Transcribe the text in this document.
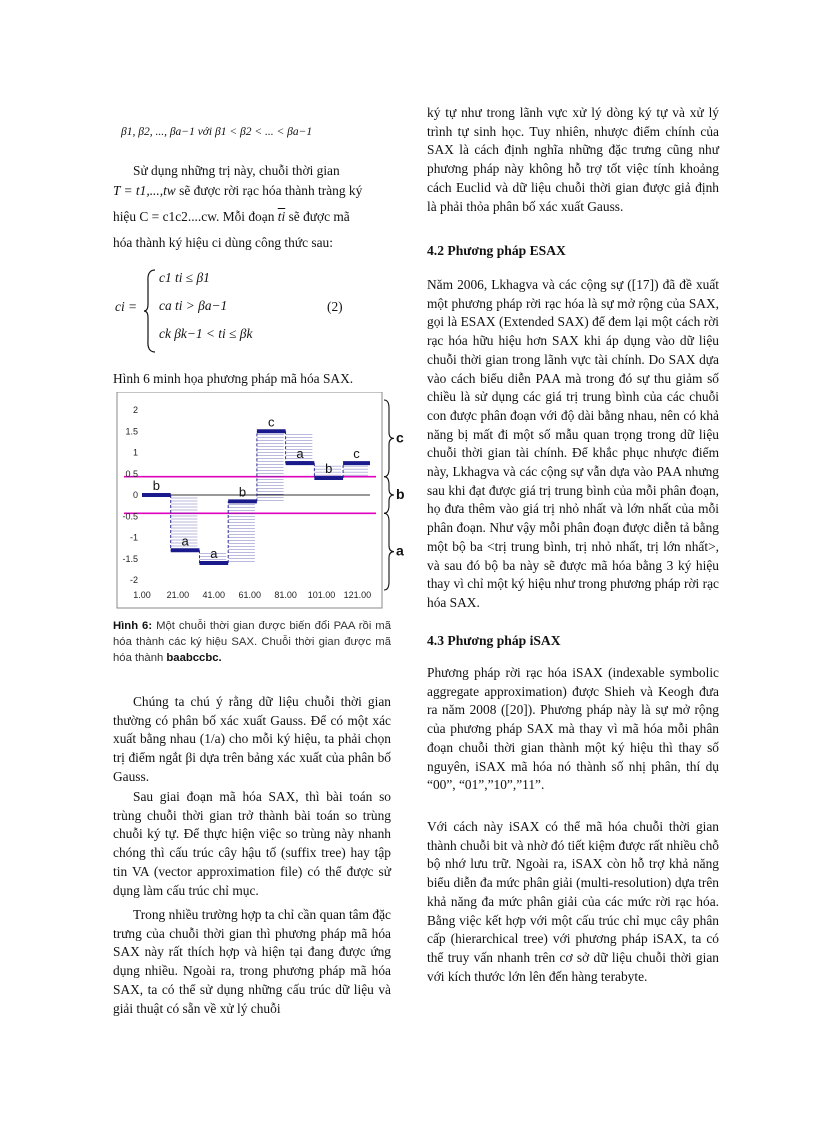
β1, β2, ..., βa−1 với β1 < β2 < ... < βa−1
Sử dụng những trị này, chuỗi thời gian
T = t1,...,tw sẽ được rời rạc hóa thành tràng ký
hiệu C = c1c2....cw. Mỗi đoạn $\overline{ti}$ sẽ được mã
hóa thành ký hiệu ci dùng công thức sau:
ci =
c1 ti ≤ β1
ca ti > βa−1
ck βk−1 < ti ≤ βk
(2)
Hình 6 minh họa phương pháp mã hóa SAX.
b
a
a
b
c
a
b
c
2
1.5
1
0.5
0
-0.5
-1
-1.5
-2
1.00 21.00 41.00 61.00 81.00 101.00 121.00
c
b
a
Hình 6: Một chuỗi thời gian được biến đổi PAA rồi mã hóa thành các ký hiệu SAX. Chuỗi thời gian được mã hóa thành baabccbc.
Chúng ta chú ý rằng dữ liệu chuỗi thời gian thường có phân bố xác xuất Gauss. Để có một xác xuất bằng nhau (1/a) cho mỗi ký hiệu, ta phải chọn trị điểm ngắt βi dựa trên bảng xác xuất của phân bố Gauss.
Sau giai đoạn mã hóa SAX, thì bài toán so trùng chuỗi thời gian trở thành bài toán so trùng chuỗi ký tự. Để thực hiện việc so trùng này nhanh chóng thì cấu trúc cây hậu tố (suffix tree) hay tập tin VA (vector approximation file) có thể được sử dụng làm cấu trúc chỉ mục.
Trong nhiều trường hợp ta chỉ cần quan tâm đặc trưng của chuỗi thời gian thì phương pháp mã hóa SAX này rất thích hợp và hiện tại đang được ứng dụng nhiều. Ngoài ra, trong phương pháp mã hóa SAX, ta có thể sử dụng những cấu trúc dữ liệu và giải thuật có sẵn về xử lý chuỗi
ký tự như trong lãnh vực xử lý dòng ký tự và xử lý trình tự sinh học. Tuy nhiên, nhược điểm chính của SAX là cách định nghĩa những đặc trưng cũng như phương pháp này không hỗ trợ tốt việc tính khoảng cách Euclid và dữ liệu chuỗi thời gian được giả định là phải thỏa phân bố xác xuất Gauss.
4.2 Phương pháp ESAX
Năm 2006, Lkhagva và các cộng sự ([17]) đã đề xuất một phương pháp rời rạc hóa là sự mở rộng của SAX, gọi là ESAX (Extended SAX) để đem lại một cách rời rạc hóa hữu hiệu hơn SAX khi áp dụng vào dữ liệu chuỗi thời gian trong lãnh vực tài chính. Do SAX dựa vào cách biểu diễn PAA mà trong đó sự thu giảm số chiều là sử dụng các giá trị trung bình của các chuỗi con được phân đoạn với độ dài bằng nhau, nên có khả năng bị mất đi một số mẫu quan trọng trong dữ liệu chuỗi thời gian tài chính. Để khắc phục nhược điểm này, Lkhagva và các cộng sự vẫn dựa vào PAA nhưng sau khi đạt được giá trị trung bình của mỗi phân đoạn, họ đưa thêm vào giá trị nhỏ nhất và lớn nhất của mỗi phân đoạn. Như vậy mỗi phân đoạn được diễn tả bằng một bộ ba <trị trung bình, trị nhỏ nhất, trị lớn nhất>, và sau đó bộ ba này sẽ được mã hóa bằng 3 ký hiệu thay vì chỉ một ký hiệu như trong phương pháp rời rạc hóa SAX.
4.3 Phương pháp iSAX
Phương pháp rời rạc hóa iSAX (indexable symbolic aggregate approximation) được Shieh và Keogh đưa ra năm 2008 ([20]). Phương pháp này là sự mở rộng của phương pháp SAX mà thay vì mã hóa mỗi phân đoạn chuỗi thời gian thành một ký hiệu thì thay số nguyên, iSAX mã hóa nó thành số nhị phân, thí dụ “00”, “01”,”10”,”11”.
Với cách này iSAX có thể mã hóa chuỗi thời gian thành chuỗi bit và nhờ đó tiết kiệm được rất nhiều chỗ bộ nhớ lưu trữ. Ngoài ra, iSAX còn hỗ trợ khả năng biểu diễn đa mức phân giải (multi-resolution) dựa trên khả năng đa mức phân giải của các mức rời rạc hóa. Bằng việc kết hợp với một cấu trúc chỉ mục cây phân cấp (hierarchical tree) với phương pháp iSAX, ta có thể truy vấn nhanh trên cơ sở dữ liệu chuỗi thời gian với kích thước lớn lên đến hàng terabyte.
